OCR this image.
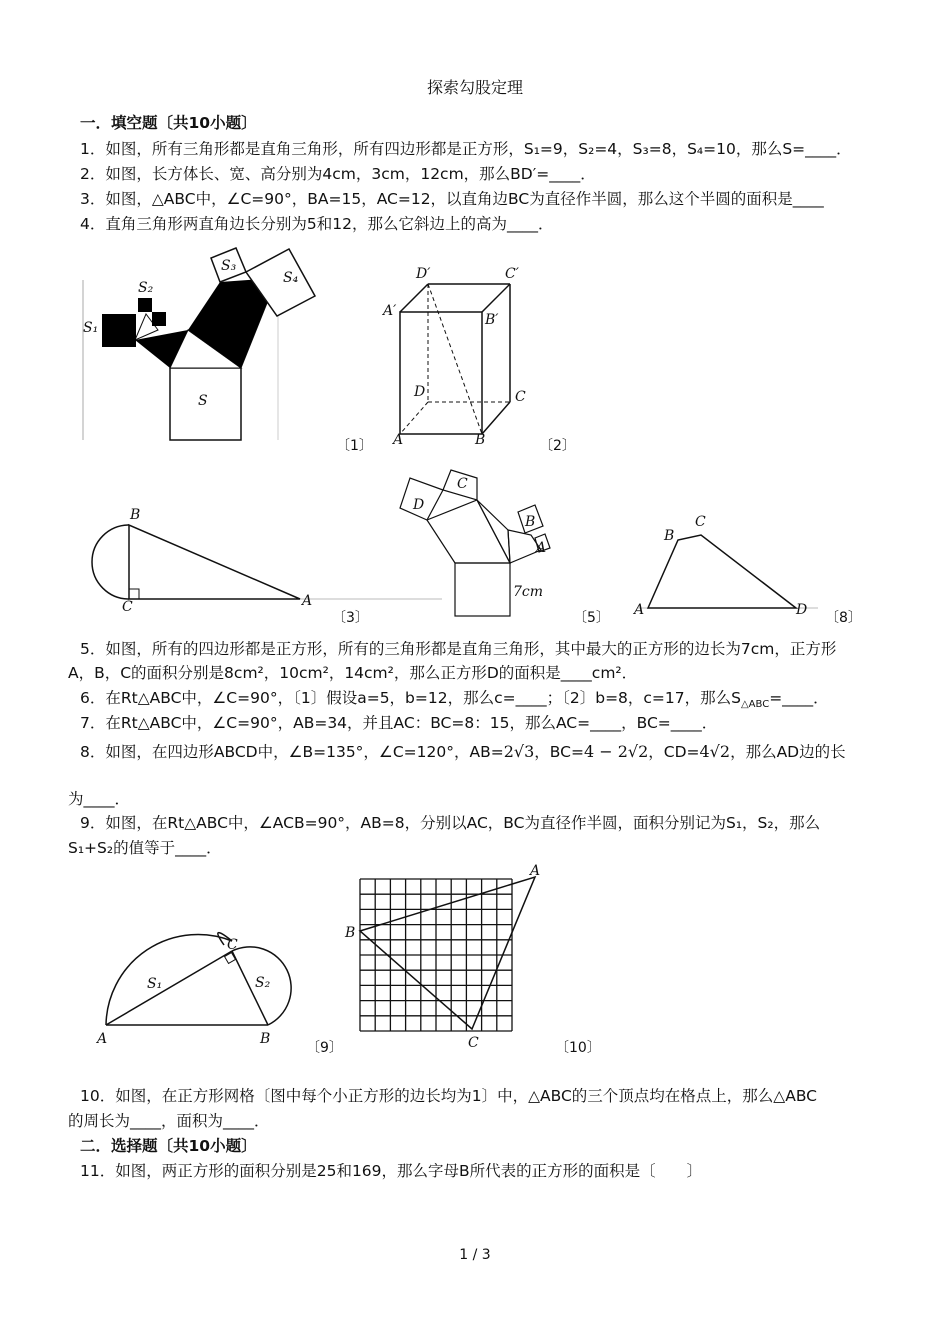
探索勾股定理
一．填空题〔共10小题〕
1．如图，所有三角形都是直角三角形，所有四边形都是正方形，S₁=9，S₂=4，S₃=8，S₄=10，那么S=____．
2．如图，长方体长、宽、高分别为4cm，3cm，12cm，那么BD′=____．
3．如图，△ABC中，∠C=90°，BA=15，AC=12，以直角边BC为直径作半圆，那么这个半圆的面积是____
4．直角三角形两直角边长分别为5和12，那么它斜边上的高为____．
S₁
S₂
S₃
S₄
S
〔1〕
D′	C′
A′
B′
D	C
A	B	〔2〕
B
C	A
〔3〕
D
C
B
A
7cm
〔5〕
B
C
A	D 〔8〕
5．如图，所有的四边形都是正方形，所有的三角形都是直角三角形，其中最大的正方形的边长为7cm，正方形
A，B，C的面积分别是8cm²，10cm²，14cm²，那么正方形D的面积是____cm²．
6．在Rt△ABC中，∠C=90°，〔1〕假设a=5，b=12，那么c=____；〔2〕b=8，c=17，那么$S_{\triangle ABC}=\_\_\_\_$．
7．在Rt△ABC中，∠C=90°，AB=34，并且AC：BC=8：15，那么AC=____，BC=____．
8．如图，在四边形ABCD中，∠B=135°，∠C=120°，AB=2√3，BC=4 − 2√2，CD=4√2，那么AD边的长
为____．
9．如图，在Rt△ABC中，∠ACB=90°，AB=8，分别以AC，BC为直径作半圆，面积分别记为S₁，S₂，那么
S₁+S₂的值等于____．
C
S₁	S₂
A	B
〔9〕
B
A
C	〔10〕
10．如图，在正方形网格〔图中每个小正方形的边长均为1〕中，△ABC的三个顶点均在格点上，那么△ABC
的周长为____，面积为____．
二．选择题〔共10小题〕
11．如图，两正方形的面积分别是25和169，那么字母B所代表的正方形的面积是〔　　〕
1 / 3
